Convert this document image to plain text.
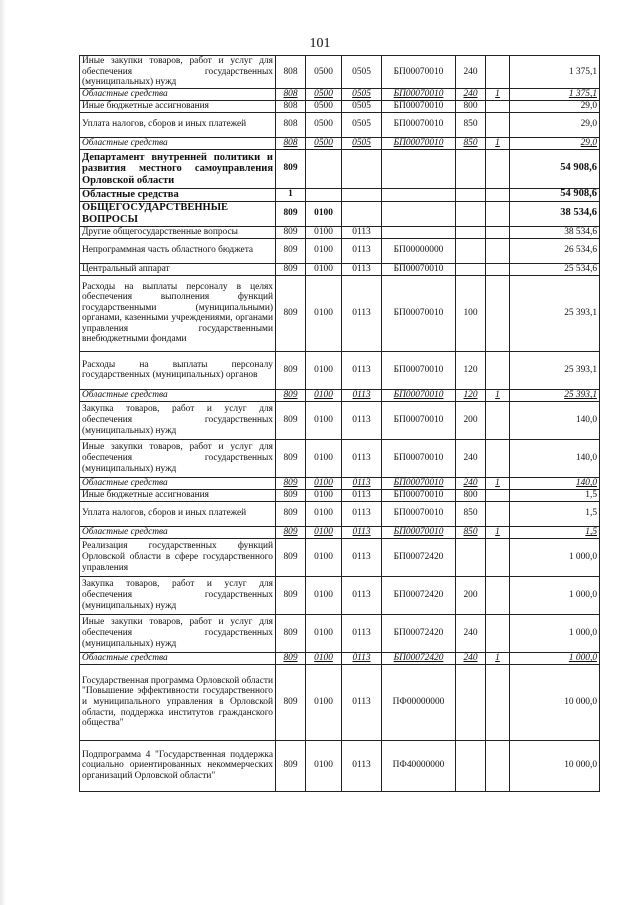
101
Иные закупки товаров, работ и услуг для обеспечения государственных (муниципальных) нужд	808	0500	0505	БП00070010	240		1 375,1
Областные средства	808	0500	0505	БП00070010	240	1	1 375,1
Иные бюджетные ассигнования	808	0500	0505	БП00070010	800		29,0
Уплата налогов, сборов и иных платежей	808	0500	0505	БП00070010	850		29,0
Областные средства	808	0500	0505	БП00070010	850	1	29,0
Департамент внутренней политики и развития местного самоуправления Орловской области	809						54 908,6
Областные средства	1						54 908,6
ОБЩЕГОСУДАРСТВЕННЫЕ ВОПРОСЫ	809	0100					38 534,6
Другие общегосударственные вопросы	809	0100	0113				38 534,6
Непрограммная часть областного бюджета	809	0100	0113	БП00000000			26 534,6
Центральный аппарат	809	0100	0113	БП00070010			25 534,6
Расходы на выплаты персоналу в целях обеспечения выполнения функций государственными (муниципальными) органами, казенными учреждениями, органами управления государственными внебюджетными фондами	809	0100	0113	БП00070010	100		25 393,1
Расходы на выплаты персоналу государственных (муниципальных) органов	809	0100	0113	БП00070010	120		25 393,1
Областные средства	809	0100	0113	БП00070010	120	1	25 393,1
Закупка товаров, работ и услуг для обеспечения государственных (муниципальных) нужд	809	0100	0113	БП00070010	200		140,0
Иные закупки товаров, работ и услуг для обеспечения государственных (муниципальных) нужд	809	0100	0113	БП00070010	240		140,0
Областные средства	809	0100	0113	БП00070010	240	1	140,0
Иные бюджетные ассигнования	809	0100	0113	БП00070010	800		1,5
Уплата налогов, сборов и иных платежей	809	0100	0113	БП00070010	850		1,5
Областные средства	809	0100	0113	БП00070010	850	1	1,5
Реализация государственных функций Орловской области в сфере государственного управления	809	0100	0113	БП00072420			1 000,0
Закупка товаров, работ и услуг для обеспечения государственных (муниципальных) нужд	809	0100	0113	БП00072420	200		1 000,0
Иные закупки товаров, работ и услуг для обеспечения государственных (муниципальных) нужд	809	0100	0113	БП00072420	240		1 000,0
Областные средства	809	0100	0113	БП00072420	240	1	1 000,0
Государственная программа Орловской области "Повышение эффективности государственного и муниципального управления в Орловской области, поддержка институтов гражданского общества"	809	0100	0113	ПФ00000000			10 000,0
Подпрограмма 4 "Государственная поддержка социально ориентированных некоммерческих организаций Орловской области"	809	0100	0113	ПФ40000000			10 000,0
